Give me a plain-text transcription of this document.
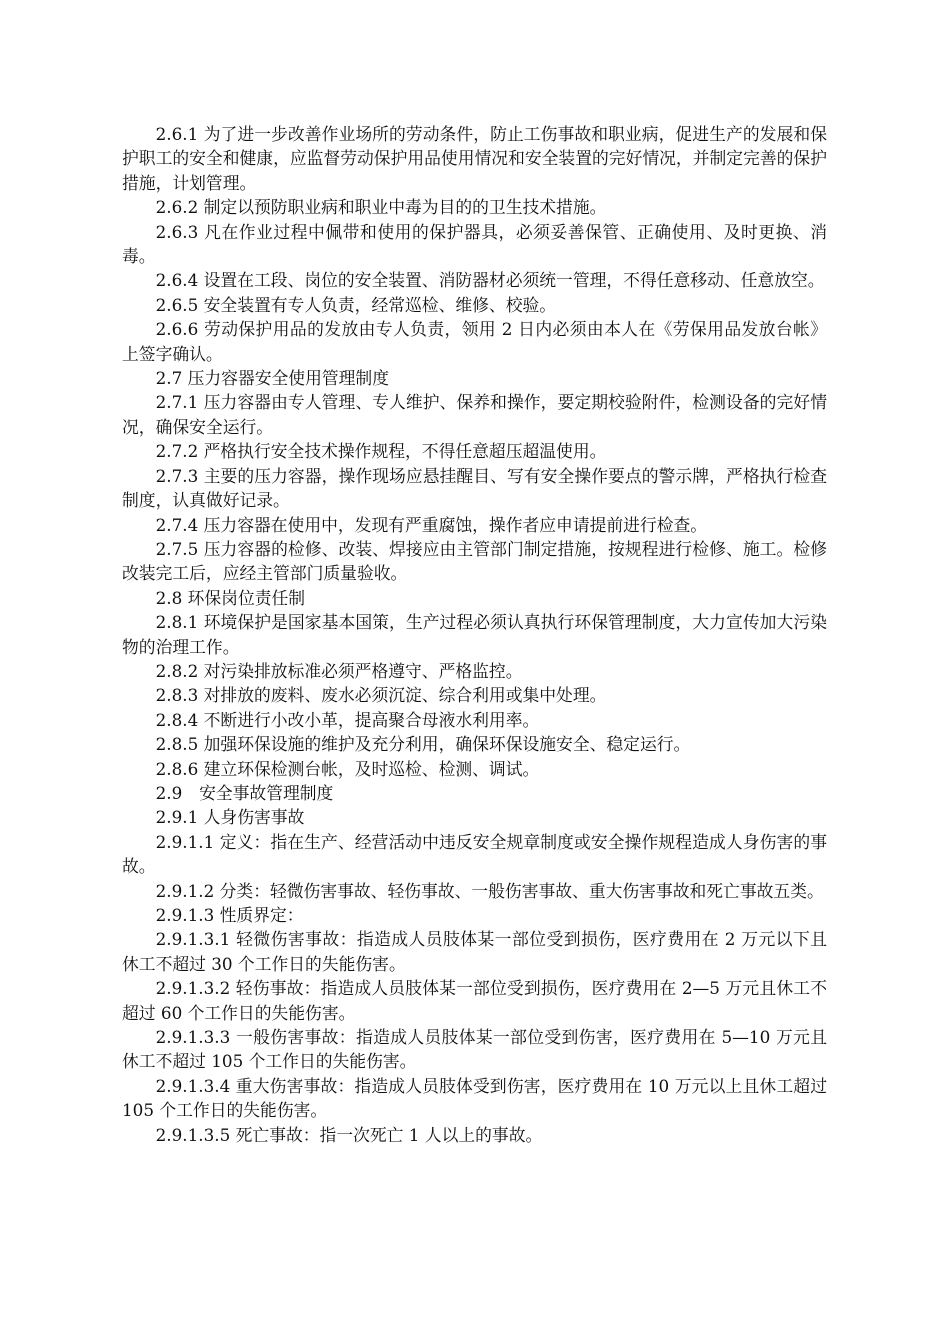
2.6.1 为了进一步改善作业场所的劳动条件，防止工伤事故和职业病，促进生产的发展和保护职工的安全和健康，应监督劳动保护用品使用情况和安全装置的完好情况，并制定完善的保护措施，计划管理。

2.6.2 制定以预防职业病和职业中毒为目的的卫生技术措施。

2.6.3 凡在作业过程中佩带和使用的保护器具，必须妥善保管、正确使用、及时更换、消毒。

2.6.4 设置在工段、岗位的安全装置、消防器材必须统一管理，不得任意移动、任意放空。

2.6.5 安全装置有专人负责，经常巡检、维修、校验。

2.6.6 劳动保护用品的发放由专人负责，领用 2 日内必须由本人在《劳保用品发放台帐》上签字确认。

2.7 压力容器安全使用管理制度

2.7.1 压力容器由专人管理、专人维护、保养和操作，要定期校验附件，检测设备的完好情况，确保安全运行。

2.7.2 严格执行安全技术操作规程，不得任意超压超温使用。

2.7.3 主要的压力容器，操作现场应悬挂醒目、写有安全操作要点的警示牌，严格执行检查制度，认真做好记录。

2.7.4 压力容器在使用中，发现有严重腐蚀，操作者应申请提前进行检查。

2.7.5 压力容器的检修、改装、焊接应由主管部门制定措施，按规程进行检修、施工。检修改装完工后，应经主管部门质量验收。

2.8 环保岗位责任制

2.8.1 环境保护是国家基本国策，生产过程必须认真执行环保管理制度，大力宣传加大污染物的治理工作。

2.8.2 对污染排放标准必须严格遵守、严格监控。

2.8.3 对排放的废料、废水必须沉淀、综合利用或集中处理。

2.8.4 不断进行小改小革，提高聚合母液水利用率。

2.8.5 加强环保设施的维护及充分利用，确保环保设施安全、稳定运行。

2.8.6 建立环保检测台帐，及时巡检、检测、调试。

2.9　安全事故管理制度

2.9.1 人身伤害事故

2.9.1.1 定义：指在生产、经营活动中违反安全规章制度或安全操作规程造成人身伤害的事故。

2.9.1.2 分类：轻微伤害事故、轻伤事故、一般伤害事故、重大伤害事故和死亡事故五类。

2.9.1.3 性质界定：

2.9.1.3.1 轻微伤害事故：指造成人员肢体某一部位受到损伤，医疗费用在 2 万元以下且休工不超过 30 个工作日的失能伤害。

2.9.1.3.2 轻伤事故：指造成人员肢体某一部位受到损伤，医疗费用在 2—5 万元且休工不超过 60 个工作日的失能伤害。

2.9.1.3.3 一般伤害事故：指造成人员肢体某一部位受到伤害，医疗费用在 5—10 万元且休工不超过 105 个工作日的失能伤害。

2.9.1.3.4 重大伤害事故：指造成人员肢体受到伤害，医疗费用在 10 万元以上且休工超过 105 个工作日的失能伤害。

2.9.1.3.5 死亡事故：指一次死亡 1 人以上的事故。
